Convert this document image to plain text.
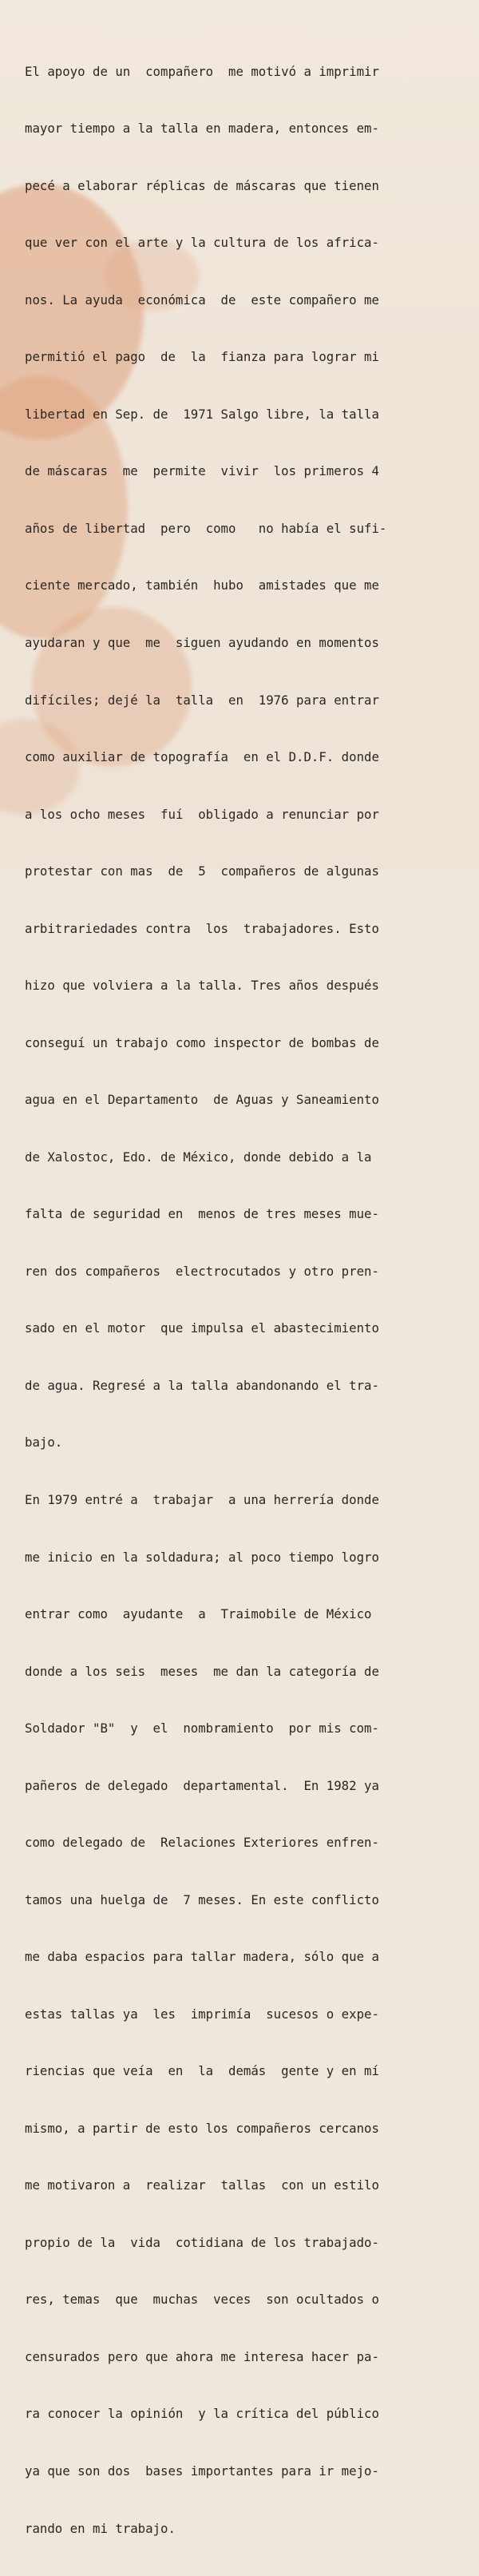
El apoyo de un  compañero  me motivó a imprimir

mayor tiempo a la talla en madera, entonces em-

pecé a elaborar réplicas de máscaras que tienen

que ver con el arte y la cultura de los africa-

nos. La ayuda  económica  de  este compañero me

permitió el pago  de  la  fianza para lograr mi

libertad en Sep. de  1971 Salgo libre, la talla

de máscaras  me  permite  vivir  los primeros 4

años de libertad  pero  como   no había el sufi-

ciente mercado, también  hubo  amistades que me

ayudaran y que  me  siguen ayudando en momentos

difíciles; dejé la  talla  en  1976 para entrar

como auxiliar de topografía  en el D.D.F. donde

a los ocho meses  fuí  obligado a renunciar por

protestar con mas  de  5  compañeros de algunas

arbitrariedades contra  los  trabajadores. Esto

hizo que volviera a la talla. Tres años después

conseguí un trabajo como inspector de bombas de

agua en el Departamento  de Aguas y Saneamiento

de Xalostoc, Edo. de México, donde debido a la

falta de seguridad en  menos de tres meses mue-

ren dos compañeros  electrocutados y otro pren-

sado en el motor  que impulsa el abastecimiento

de agua. Regresé a la talla abandonando el tra-

bajo.

En 1979 entré a  trabajar  a una herrería donde

me inicio en la soldadura; al poco tiempo logro

entrar como  ayudante  a  Traimobile de México

donde a los seis  meses  me dan la categoría de

Soldador "B"  y  el  nombramiento  por mis com-

pañeros de delegado  departamental.  En 1982 ya

como delegado de  Relaciones Exteriores enfren-

tamos una huelga de  7 meses. En este conflicto

me daba espacios para tallar madera, sólo que a

estas tallas ya  les  imprimía  sucesos o expe-

riencias que veía  en  la  demás  gente y en mí

mismo, a partir de esto los compañeros cercanos

me motivaron a  realizar  tallas  con un estilo

propio de la  vida  cotidiana de los trabajado-

res, temas  que  muchas  veces  son ocultados o

censurados pero que ahora me interesa hacer pa-

ra conocer la opinión  y la crítica del público

ya que son dos  bases importantes para ir mejo-

rando en mi trabajo.
